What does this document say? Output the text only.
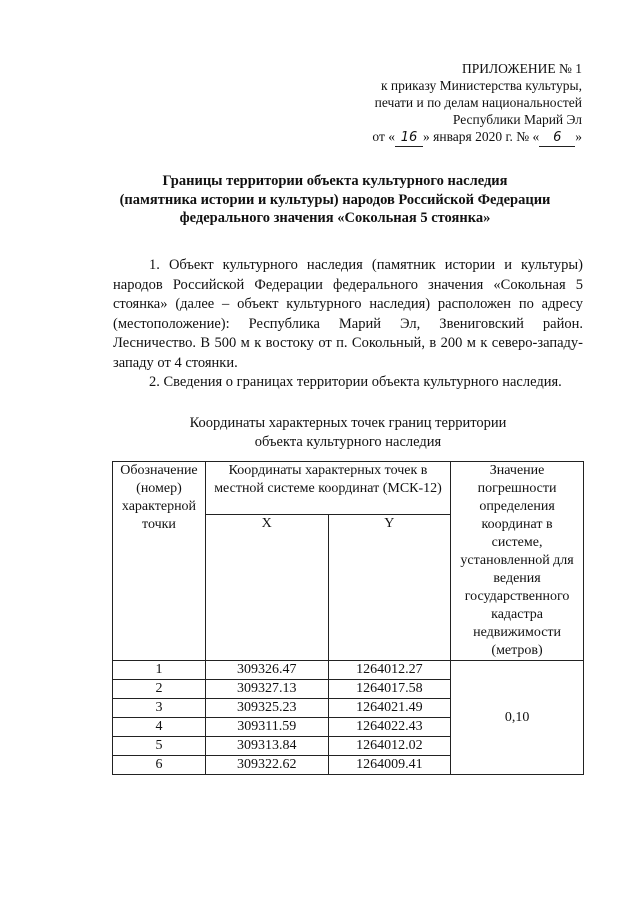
ПРИЛОЖЕНИЕ № 1
к приказу Министерства культуры,
печати и по делам национальностей
Республики Марий Эл
от « 16 » января 2020 г. № « 6 »
Границы территории объекта культурного наследия
(памятника истории и культуры) народов Российской Федерации
федерального значения «Сокольная 5 стоянка»

1. Объект культурного наследия (памятник истории и культуры) народов Российской Федерации федерального значения «Сокольная 5 стоянка» (далее – объект культурного наследия) расположен по адресу (местоположение): Республика Марий Эл, Звениговский район. Лесничество. В 500 м к востоку от п. Сокольный, в 200 м к северо-западу-западу от 4 стоянки.

2. Сведения о границах территории объекта культурного наследия.

Координаты характерных точек границ территории
объекта культурного наследия
Обозначение (номер) характерной точки	Координаты характерных точек в местной системе координат (МСК-12)		Значение погрешности определения координат в системе, установленной для ведения государственного кадастра недвижимости (метров)
	X	Y	
1	309326.47	1264012.27	0,10
2	309327.13	1264017.58	
3	309325.23	1264021.49	
4	309311.59	1264022.43	
5	309313.84	1264012.02	
6	309322.62	1264009.41	
